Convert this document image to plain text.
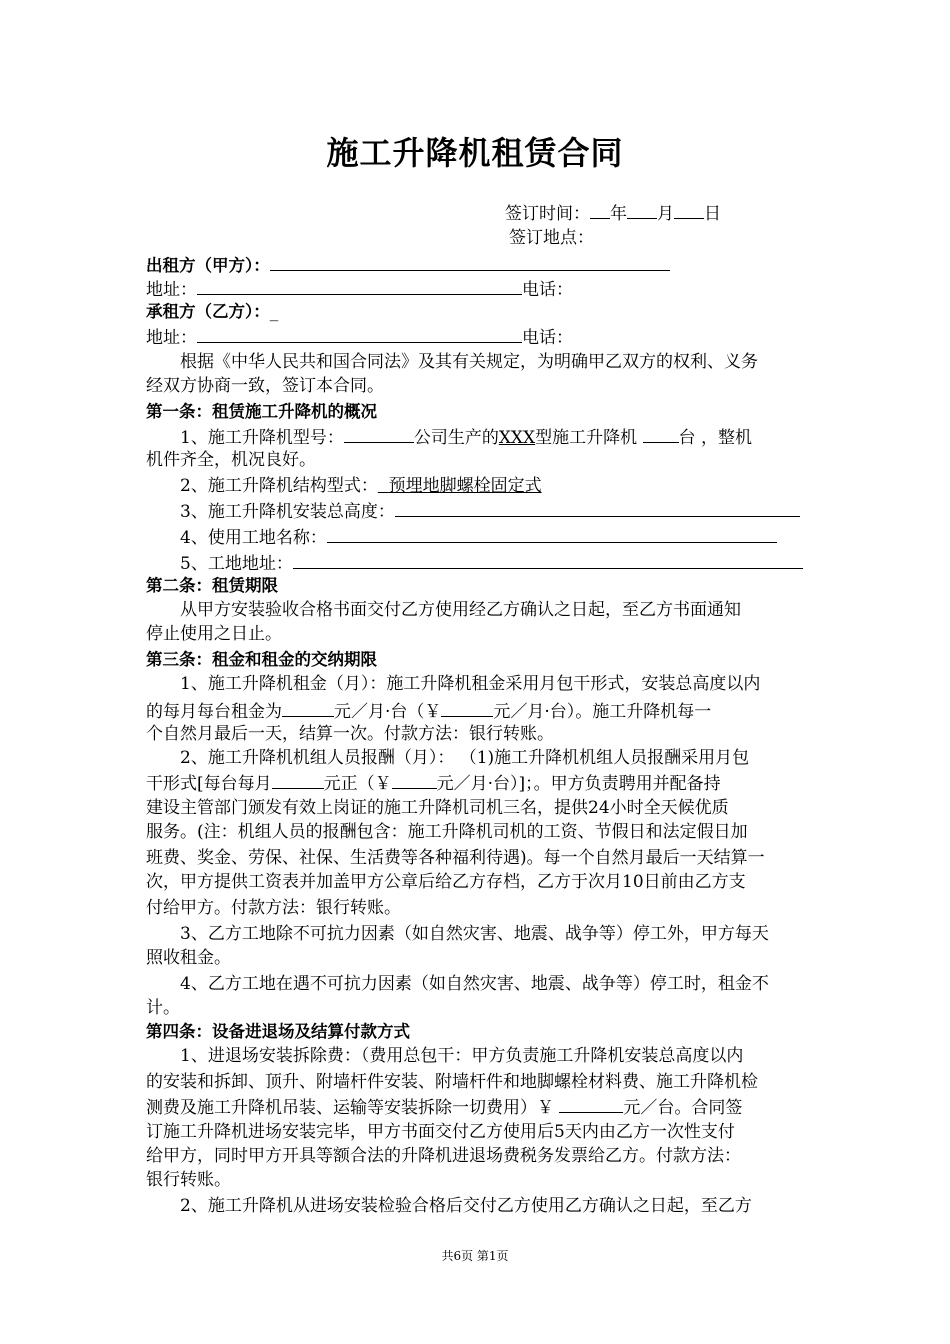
施工升降机租赁合同
签订时间： 年 月 日
签订地点：
出租方（甲方）：
地址：	电话：
承租方（乙方）：_
地址：	电话：
根据《中华人民共和国合同法》及其有关规定，为明确甲乙双方的权利、义务
经双方协商一致，签订本合同。
第一条：租赁施工升降机的概况
1、施工升降机型号：	公司生产的XXX型施工升降机 台 ，整机
机件齐全，机况良好。
2、施工升降机结构型式： 预埋地脚螺栓固定式
3、施工升降机安装总高度：
4、使用工地名称：
5、工地地址：
第二条：租赁期限
从甲方安装验收合格书面交付乙方使用经乙方确认之日起，至乙方书面通知
停止使用之日止。
第三条：租金和租金的交纳期限
1、施工升降机租金（月）：施工升降机租金采用月包干形式，安装总高度以内
的每月每台租金为	元／月·台（￥	元／月·台）。施工升降机每一
个自然月最后一天，结算一次。付款方法：银行转账。
2、施工升降机机组人员报酬（月）： （1)施工升降机机组人员报酬采用月包
干形式[每台每月	元正（￥	元／月·台）]；。甲方负责聘用并配备持
建设主管部门颁发有效上岗证的施工升降机司机三名，提供24小时全天候优质
服务。(注：机组人员的报酬包含：施工升降机司机的工资、节假日和法定假日加
班费、奖金、劳保、社保、生活费等各种福利待遇)。每一个自然月最后一天结算一
次，甲方提供工资表并加盖甲方公章后给乙方存档，乙方于次月10日前由乙方支
付给甲方。付款方法：银行转账。
3、乙方工地除不可抗力因素（如自然灾害、地震、战争等）停工外，甲方每天
照收租金。
4、乙方工地在遇不可抗力因素（如自然灾害、地震、战争等）停工时，租金不
计。
第四条：设备进退场及结算付款方式
1、进退场安装拆除费：（费用总包干：甲方负责施工升降机安装总高度以内
的安装和拆卸、顶升、附墙杆件安装、附墙杆件和地脚螺栓材料费、施工升降机检
测费及施工升降机吊装、运输等安装拆除一切费用）￥	元／台。合同签
订施工升降机进场安装完毕，甲方书面交付乙方使用后5天内由乙方一次性支付
给甲方，同时甲方开具等额合法的升降机进退场费税务发票给乙方。付款方法：
银行转账。
2、施工升降机从进场安装检验合格后交付乙方使用乙方确认之日起，至乙方
共6页 第1页
